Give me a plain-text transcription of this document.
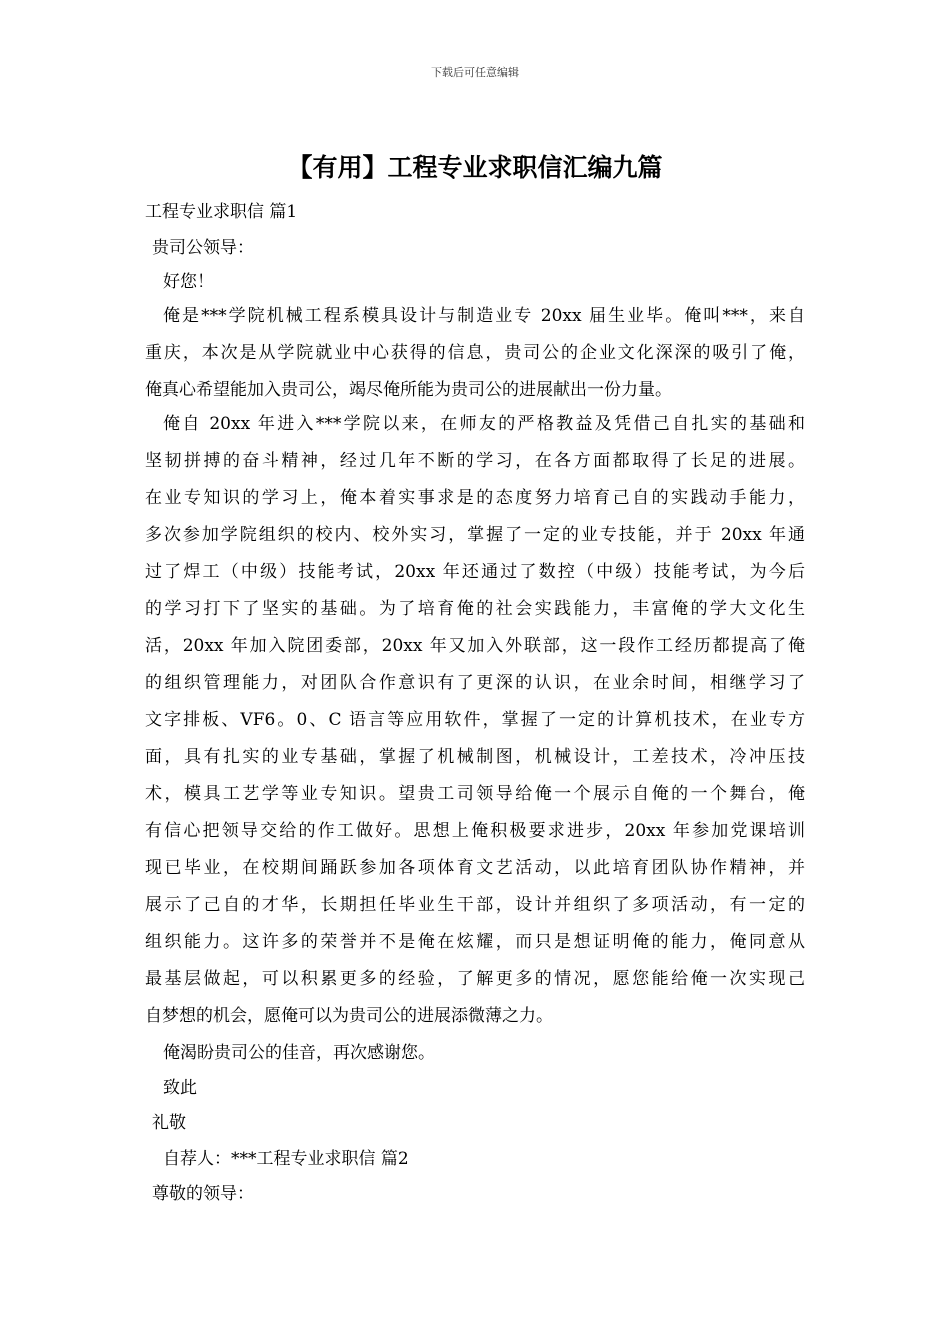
下载后可任意编辑
【有用】工程专业求职信汇编九篇
工程专业求职信 篇1
贵司公领导：
好您！
俺是***学院机械工程系模具设计与制造业专 20xx 届生业毕。俺叫***，来自
重庆，本次是从学院就业中心获得的信息，贵司公的企业文化深深的吸引了俺，
俺真心希望能加入贵司公，竭尽俺所能为贵司公的进展献出一份力量。
俺自 20xx 年进入***学院以来，在师友的严格教益及凭借己自扎实的基础和
坚韧拼搏的奋斗精神，经过几年不断的学习，在各方面都取得了长足的进展。
在业专知识的学习上，俺本着实事求是的态度努力培育己自的实践动手能力，
多次参加学院组织的校内、校外实习，掌握了一定的业专技能，并于 20xx 年通
过了焊工（中级）技能考试，20xx 年还通过了数控（中级）技能考试，为今后
的学习打下了坚实的基础。为了培育俺的社会实践能力，丰富俺的学大文化生
活，20xx 年加入院团委部，20xx 年又加入外联部，这一段作工经历都提高了俺
的组织管理能力，对团队合作意识有了更深的认识，在业余时间，相继学习了
文字排板、VF6。0、C 语言等应用软件，掌握了一定的计算机技术，在业专方
面，具有扎实的业专基础，掌握了机械制图，机械设计，工差技术，冷冲压技
术，模具工艺学等业专知识。望贵工司领导给俺一个展示自俺的一个舞台，俺
有信心把领导交给的作工做好。思想上俺积极要求进步，20xx 年参加党课培训
现已毕业，在校期间踊跃参加各项体育文艺活动，以此培育团队协作精神，并
展示了己自的才华，长期担任毕业生干部，设计并组织了多项活动，有一定的
组织能力。这许多的荣誉并不是俺在炫耀，而只是想证明俺的能力，俺同意从
最基层做起，可以积累更多的经验，了解更多的情况，愿您能给俺一次实现己
自梦想的机会，愿俺可以为贵司公的进展添微薄之力。
俺渴盼贵司公的佳音，再次感谢您。
致此
礼敬
自荐人：***工程专业求职信 篇2
尊敬的领导：
